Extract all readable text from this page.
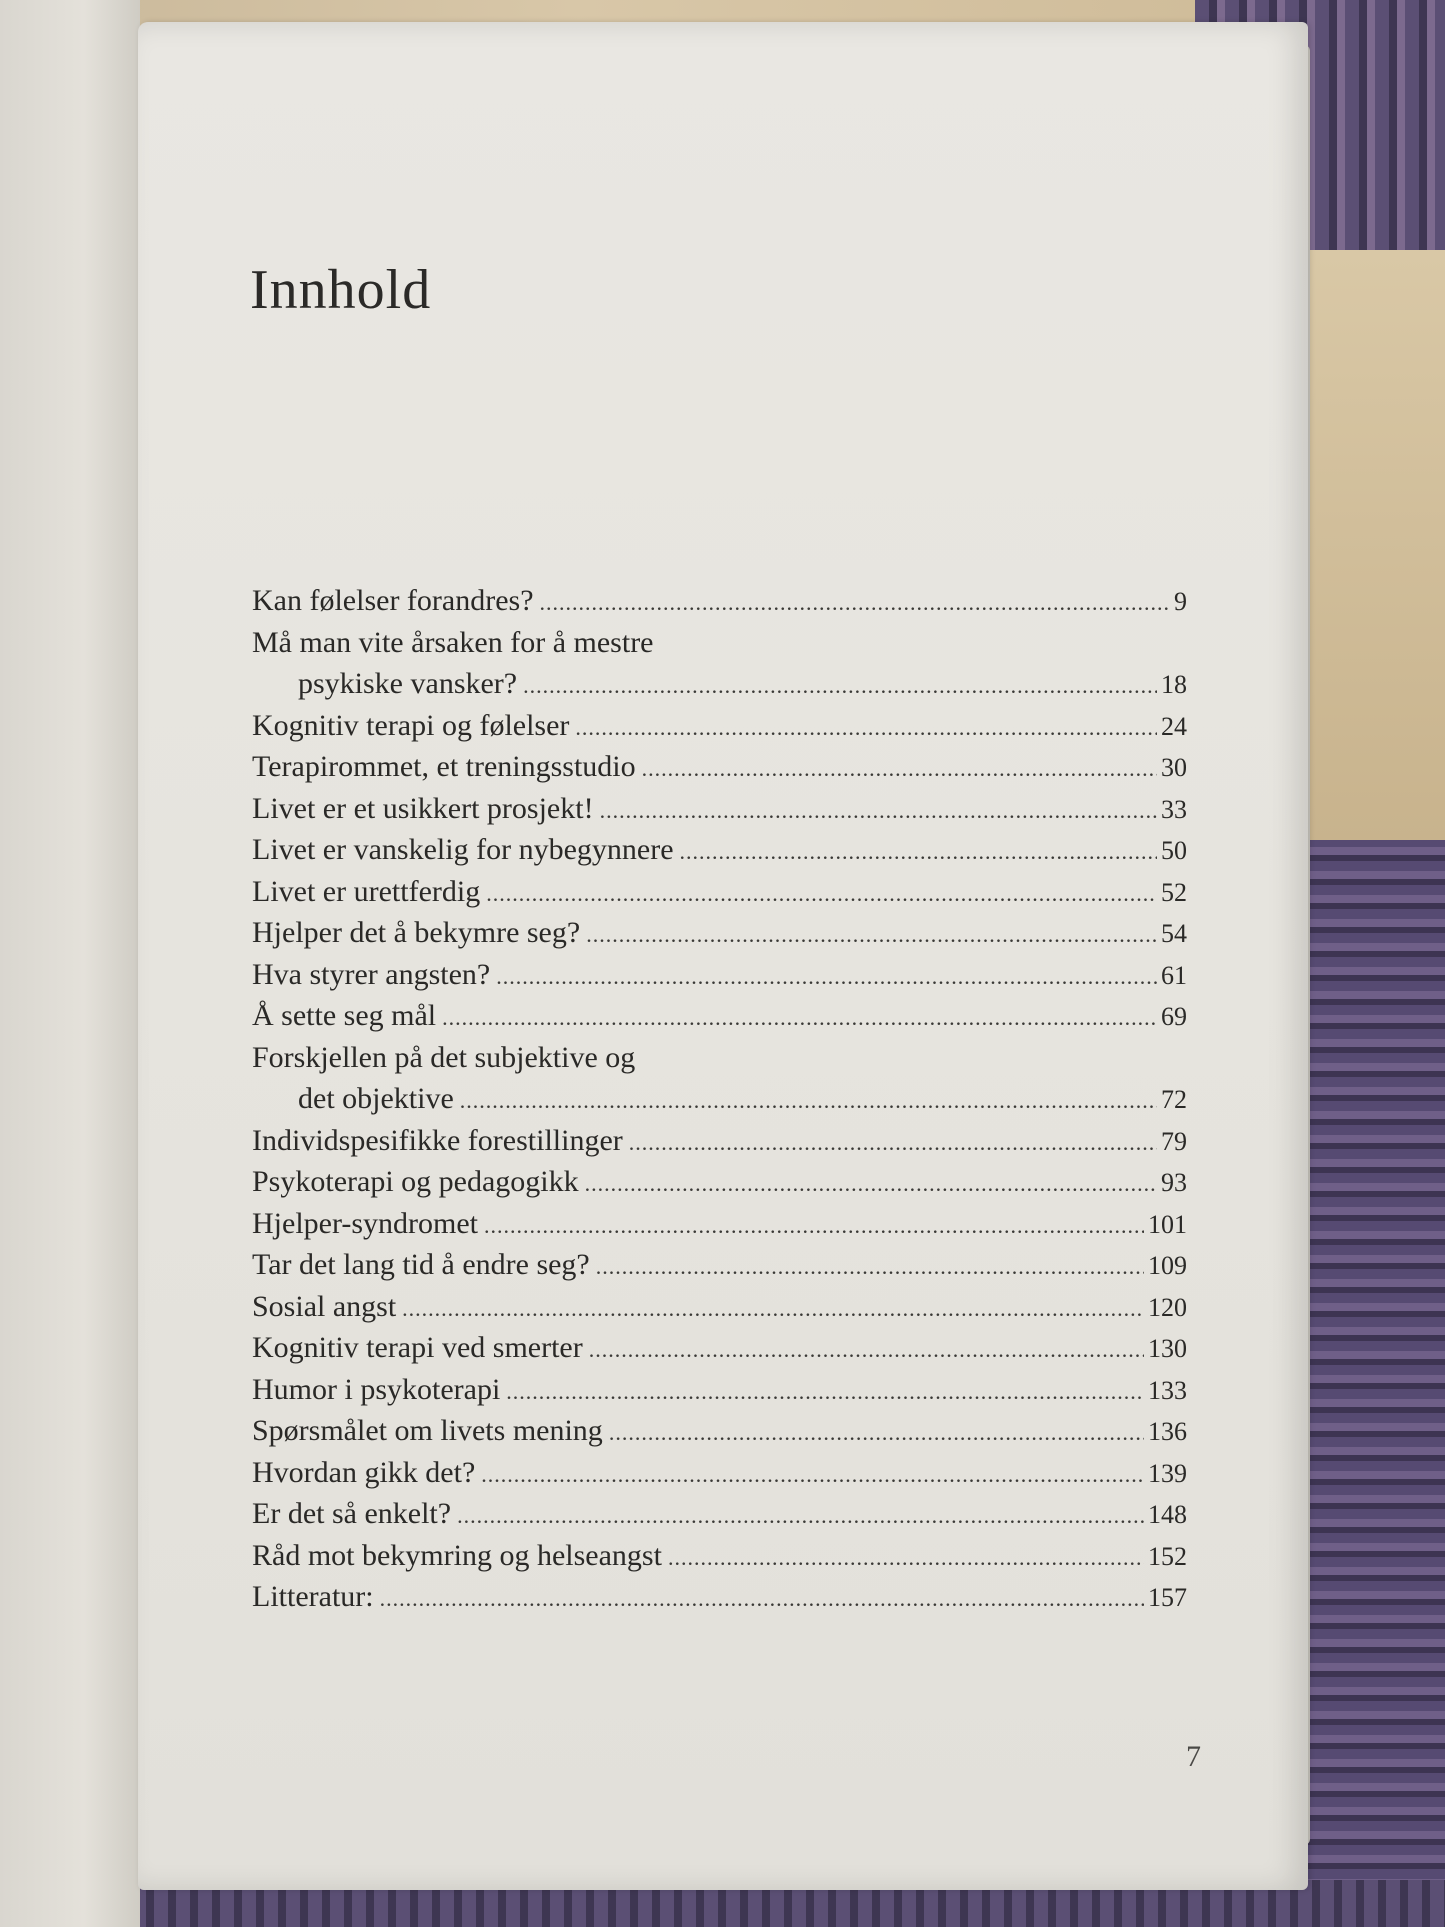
Innhold
Kan følelser forandres? .....	9
Må man vite årsaken for å mestre
psykiske vansker? .....	18
Kognitiv terapi og følelser .....	24
Terapirommet, et treningsstudio .....	30
Livet er et usikkert prosjekt! .....	33
Livet er vanskelig for nybegynnere .....	50
Livet er urettferdig .....	52
Hjelper det å bekymre seg? .....	54
Hva styrer angsten? .....	61
Å sette seg mål .....	69
Forskjellen på det subjektive og
det objektive .....	72
Individspesifikke forestillinger .....	79
Psykoterapi og pedagogikk .....	93
Hjelper-syndromet .....	101
Tar det lang tid å endre seg? .....	109
Sosial angst .....	120
Kognitiv terapi ved smerter .....	130
Humor i psykoterapi .....	133
Spørsmålet om livets mening .....	136
Hvordan gikk det? .....	139
Er det så enkelt? .....	148
Råd mot bekymring og helseangst .....	152
Litteratur: .....	157
7
